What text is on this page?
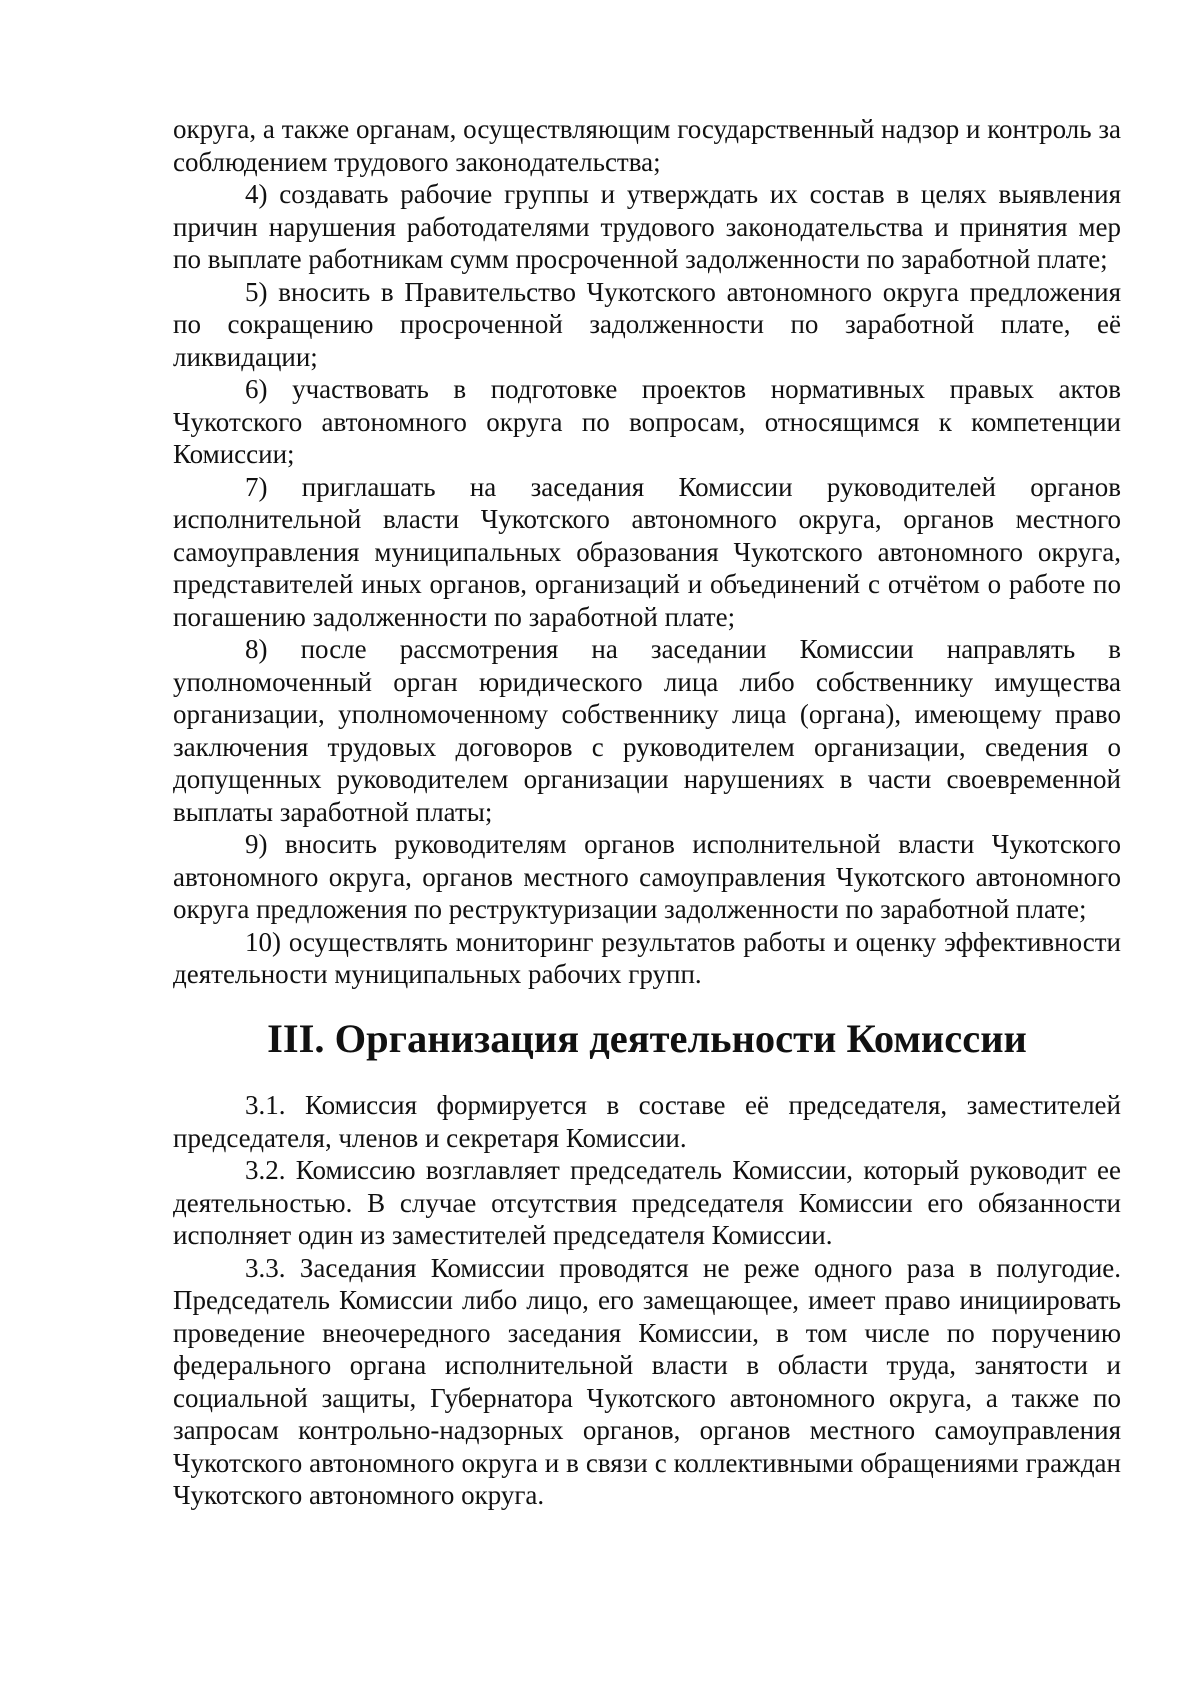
округа, а также органам, осуществляющим государственный надзор и контроль за соблюдением трудового законодательства;

4) создавать рабочие группы и утверждать их состав в целях выявления причин нарушения работодателями трудового законодательства и принятия мер по выплате работникам сумм просроченной задолженности по заработной плате;

5) вносить в Правительство Чукотского автономного округа предложения по сокращению просроченной задолженности по заработной плате, её ликвидации;

6) участвовать в подготовке проектов нормативных правых актов Чукотского автономного округа по вопросам, относящимся к компетенции Комиссии;

7) приглашать на заседания Комиссии руководителей органов исполнительной власти Чукотского автономного округа, органов местного самоуправления муниципальных образования Чукотского автономного округа, представителей иных органов, организаций и объединений с отчётом о работе по погашению задолженности по заработной плате;

8) после рассмотрения на заседании Комиссии направлять в уполномоченный орган юридического лица либо собственнику имущества организации, уполномоченному собственнику лица (органа), имеющему право заключения трудовых договоров с руководителем организации, сведения о допущенных руководителем организации нарушениях в части своевременной выплаты заработной платы;

9) вносить руководителям органов исполнительной власти Чукотского автономного округа, органов местного самоуправления Чукотского автономного округа предложения по реструктуризации задолженности по заработной плате;

10) осуществлять мониторинг результатов работы и оценку эффективности деятельности муниципальных рабочих групп.

III. Организация деятельности Комиссии

3.1. Комиссия формируется в составе её председателя, заместителей председателя, членов и секретаря Комиссии.

3.2. Комиссию возглавляет председатель Комиссии, который руководит ее деятельностью. В случае отсутствия председателя Комиссии его обязанности исполняет один из заместителей председателя Комиссии.

3.3. Заседания Комиссии проводятся не реже одного раза в полугодие. Председатель Комиссии либо лицо, его замещающее, имеет право инициировать проведение внеочередного заседания Комиссии, в том числе по поручению федерального органа исполнительной власти в области труда, занятости и социальной защиты, Губернатора Чукотского автономного округа, а также по запросам контрольно-надзорных органов, органов местного самоуправления Чукотского автономного округа и в связи с коллективными обращениями граждан Чукотского автономного округа.
